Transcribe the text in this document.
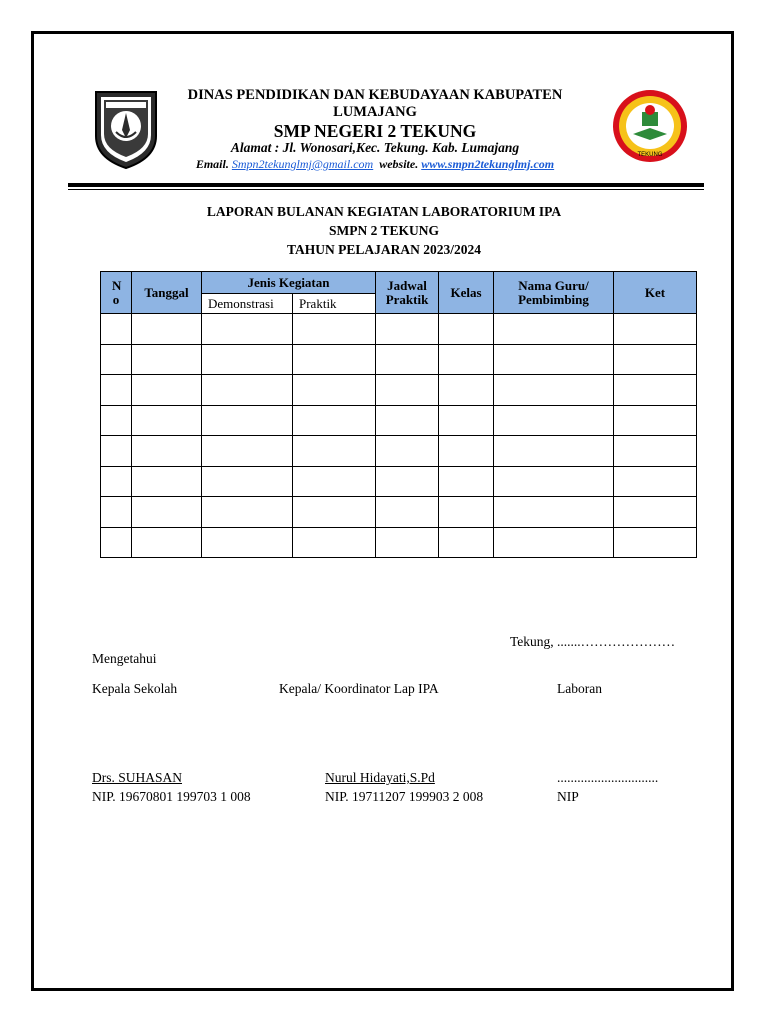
TEKUNG
DINAS PENDIDIKAN DAN KEBUDAYAAN KABUPATEN LUMAJANG
SMP NEGERI 2 TEKUNG
Alamat : Jl. Wonosari,Kec. Tekung. Kab. Lumajang
Email. Smpn2tekunglmj@gmail.com website. www.smpn2tekunglmj.com
LAPORAN BULANAN KEGIATAN LABORATORIUM IPA
SMPN 2 TEKUNG
TAHUN PELAJARAN 2023/2024
N o	Tanggal	Jenis Kegiatan		Jadwal Praktik	Kelas	Nama Guru/ Pembimbing	Ket
		Demonstrasi	Praktik				

Tekung, .......…………………
Mengetahui
Kepala Sekolah	Kepala/ Koordinator Lap IPA	Laboran
Drs. SUHASAN	Nurul Hidayati,S.Pd	..............................
NIP. 19670801 199703 1 008	NIP. 19711207 199903 2 008	NIP
